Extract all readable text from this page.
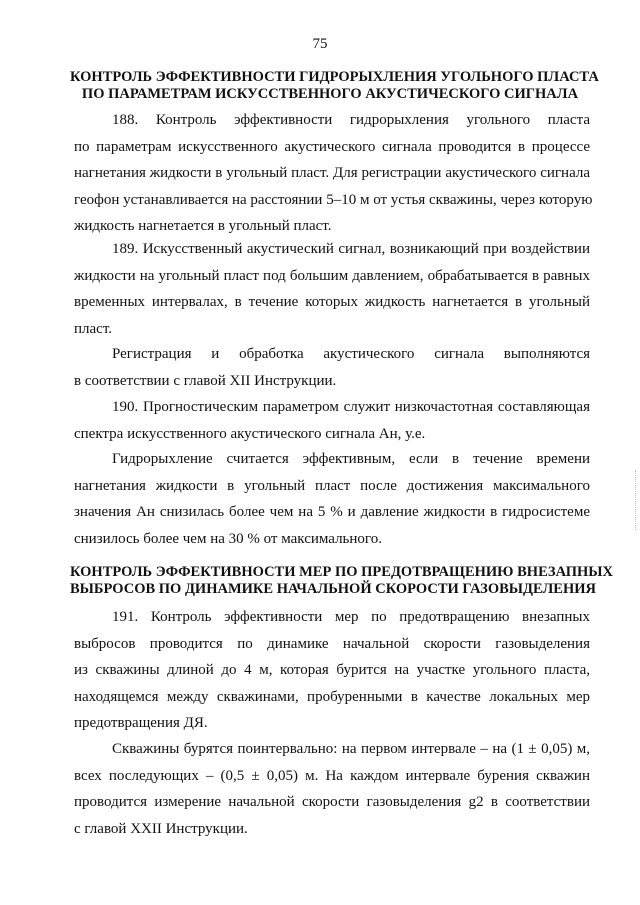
75
КОНТРОЛЬ ЭФФЕКТИВНОСТИ ГИДРОРЫХЛЕНИЯ УГОЛЬНОГО ПЛАСТА
ПО ПАРАМЕТРАМ ИСКУССТВЕННОГО АКУСТИЧЕСКОГО СИГНАЛА
188. Контроль эффективности гидрорыхления угольного пласта
по параметрам искусственного акустического сигнала проводится в процессе
нагнетания жидкости в угольный пласт. Для регистрации акустического сигнала
геофон устанавливается на расстоянии 5–10 м от устья скважины, через которую
жидкость нагнетается в угольный пласт.
189. Искусственный акустический сигнал, возникающий при воздействии
жидкости на угольный пласт под большим давлением, обрабатывается в равных
временных интервалах, в течение которых жидкость нагнетается в угольный
пласт.
Регистрация и обработка акустического сигнала выполняются
в соответствии с главой XII Инструкции.
190. Прогностическим параметром служит низкочастотная составляющая
спектра искусственного акустического сигнала Aн, у.е.
Гидрорыхление считается эффективным, если в течение времени
нагнетания жидкости в угольный пласт после достижения максимального
значения Aн снизилась более чем на 5 % и давление жидкости в гидросистеме
снизилось более чем на 30 % от максимального.
КОНТРОЛЬ ЭФФЕКТИВНОСТИ МЕР ПО ПРЕДОТВРАЩЕНИЮ ВНЕЗАПНЫХ
ВЫБРОСОВ ПО ДИНАМИКЕ НАЧАЛЬНОЙ СКОРОСТИ ГАЗОВЫДЕЛЕНИЯ
191. Контроль эффективности мер по предотвращению внезапных
выбросов проводится по динамике начальной скорости газовыделения
из скважины длиной до 4 м, которая бурится на участке угольного пласта,
находящемся между скважинами, пробуренными в качестве локальных мер
предотвращения ДЯ.
Скважины бурятся поинтервально: на первом интервале – на (1 ± 0,05) м,
всех последующих – (0,5 ± 0,05) м. На каждом интервале бурения скважин
проводится измерение начальной скорости газовыделения g2 в соответствии
с главой XXII Инструкции.
